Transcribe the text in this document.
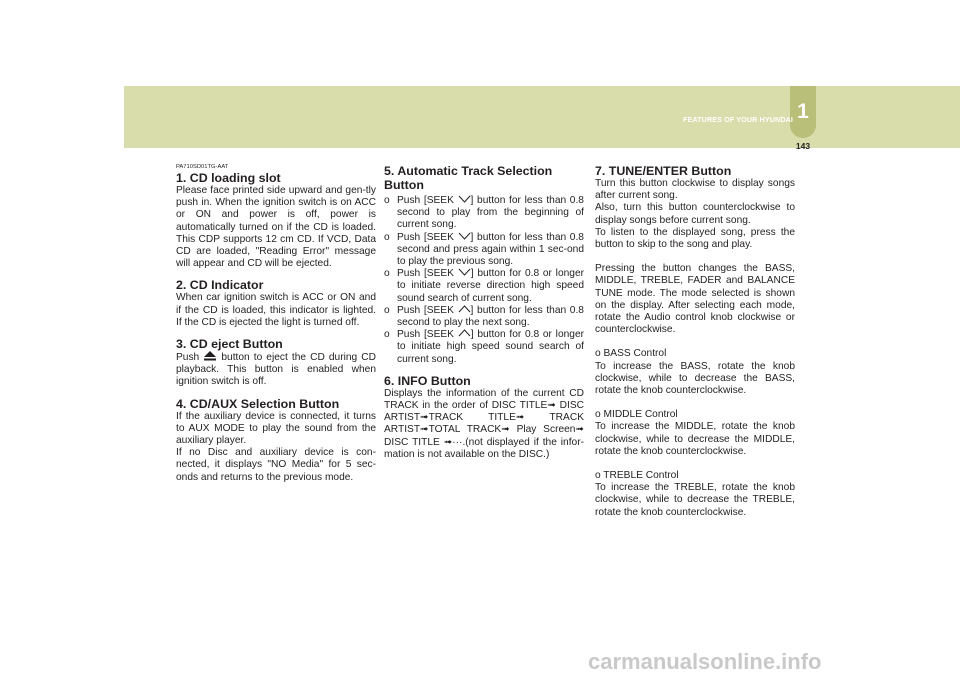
FEATURES OF YOUR HYUNDAI 1
143
PA710SD01TG-AAT
1. CD loading slot

Please face printed side upward and gen-tly push in. When the ignition switch is on ACC or ON and power is off, power is automatically turned on if the CD is loaded. This CDP supports 12 cm CD. If VCD, Data CD are loaded, "Reading Error" message will appear and CD will be ejected.

2. CD Indicator

When car ignition switch is ACC or ON and if the CD is loaded, this indicator is lighted. If the CD is ejected the light is turned off.

3. CD eject Button

Push button to eject the CD during CD playback. This button is enabled when ignition switch is off.

4. CD/AUX Selection Button

If the auxiliary device is connected, it turns to AUX MODE to play the sound from the auxiliary player.

If no Disc and auxiliary device is con-nected, it displays "NO Media" for 5 sec-onds and returns to the previous mode.

5. Automatic Track Selection Button
o Push [SEEK ] button for less than 0.8 second to play from the beginning of current song.
o Push [SEEK ] button for less than 0.8 second and press again within 1 sec-ond to play the previous song.
o Push [SEEK ] button for 0.8 or longer to initiate reverse direction high speed sound search of current song.
o Push [SEEK ] button for less than 0.8 second to play the next song.
o Push [SEEK ] button for 0.8 or longer to initiate high speed sound search of current song.
6. INFO Button

Displays the information of the current CD TRACK in the order of DISC TITLE➟ DISC ARTIST➟TRACK TITLE➟ TRACK ARTIST➟TOTAL TRACK➟ Play Screen➟ DISC TITLE ➟···.(not displayed if the infor-mation is not available on the DISC.)

7. TUNE/ENTER Button

Turn this button clockwise to display songs after current song.

Also, turn this button counterclockwise to display songs before current song.

To listen to the displayed song, press the button to skip to the song and play.

Pressing the button changes the BASS, MIDDLE, TREBLE, FADER and BALANCE TUNE mode. The mode selected is shown on the display. After selecting each mode, rotate the Audio control knob clockwise or counterclockwise.

o BASS Control

To increase the BASS, rotate the knob clockwise, while to decrease the BASS, rotate the knob counterclockwise.

o MIDDLE Control

To increase the MIDDLE, rotate the knob clockwise, while to decrease the MIDDLE, rotate the knob counterclockwise.

o TREBLE Control

To increase the TREBLE, rotate the knob clockwise, while to decrease the TREBLE, rotate the knob counterclockwise.

carmanualsonline.info
